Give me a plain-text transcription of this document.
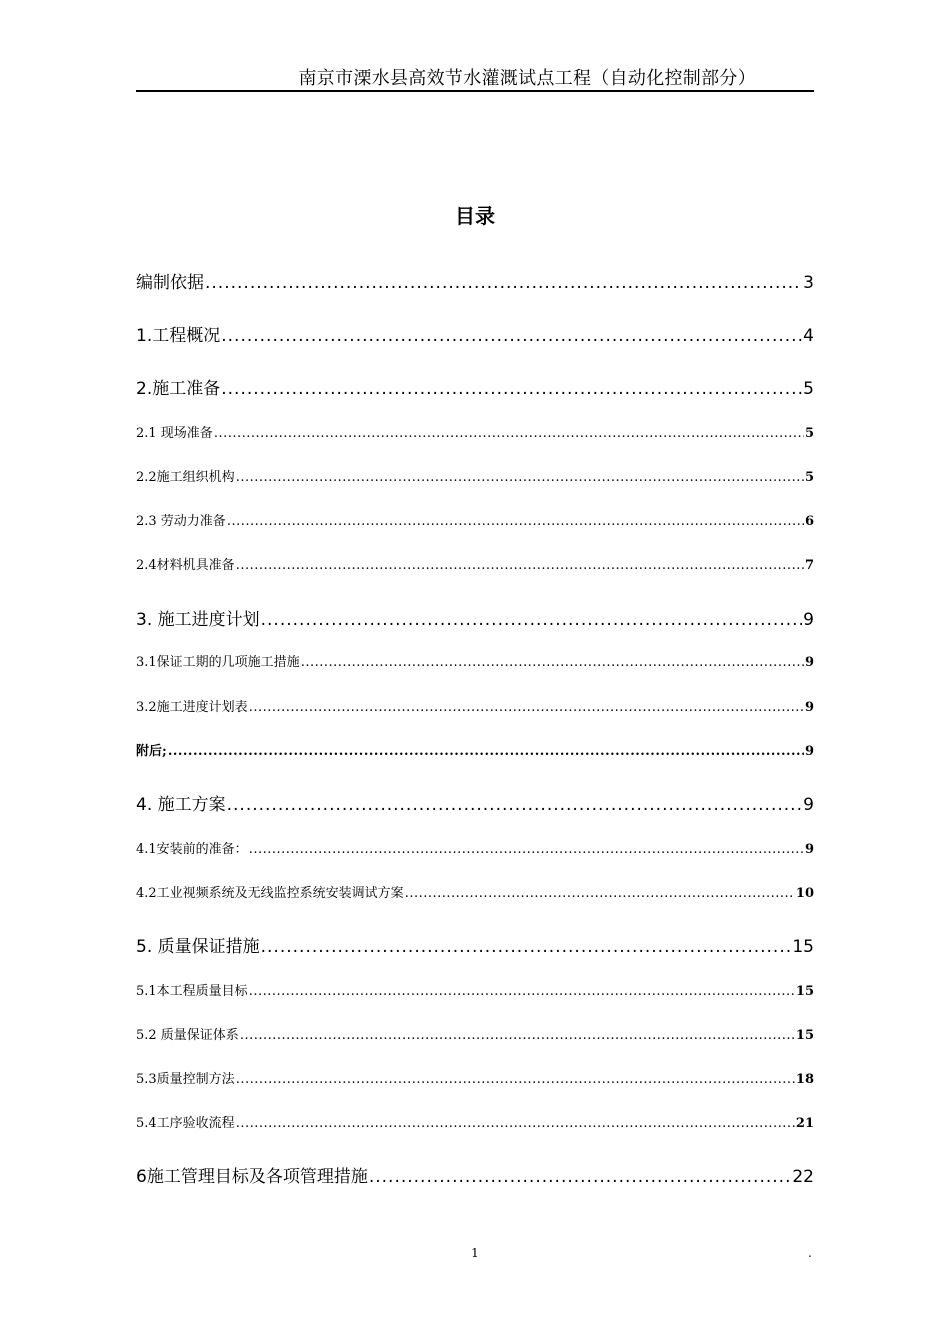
南京市溧水县高效节水灌溉试点工程（自动化控制部分）
目录
编制依据 .....	3
1.工程概况 .....	4
2.施工准备 .....	5
2.1 现场准备 .....	5
2.2施工组织机构 .....	5
2.3 劳动力准备 .....	6
2.4材料机具准备 .....	7
3. 施工进度计划 .....	9
3.1保证工期的几项施工措施 .....	9
3.2施工进度计划表 .....	9
附后; .....	9
4. 施工方案 .....	9
4.1安装前的准备： .....	9
4.2工业视频系统及无线监控系统安装调试方案 .....	10
5. 质量保证措施 .....	15
5.1本工程质量目标 .....	15
5.2 质量保证体系 .....	15
5.3质量控制方法 .....	18
5.4工序验收流程 .....	21
6施工管理目标及各项管理措施 .....	22
1	.
